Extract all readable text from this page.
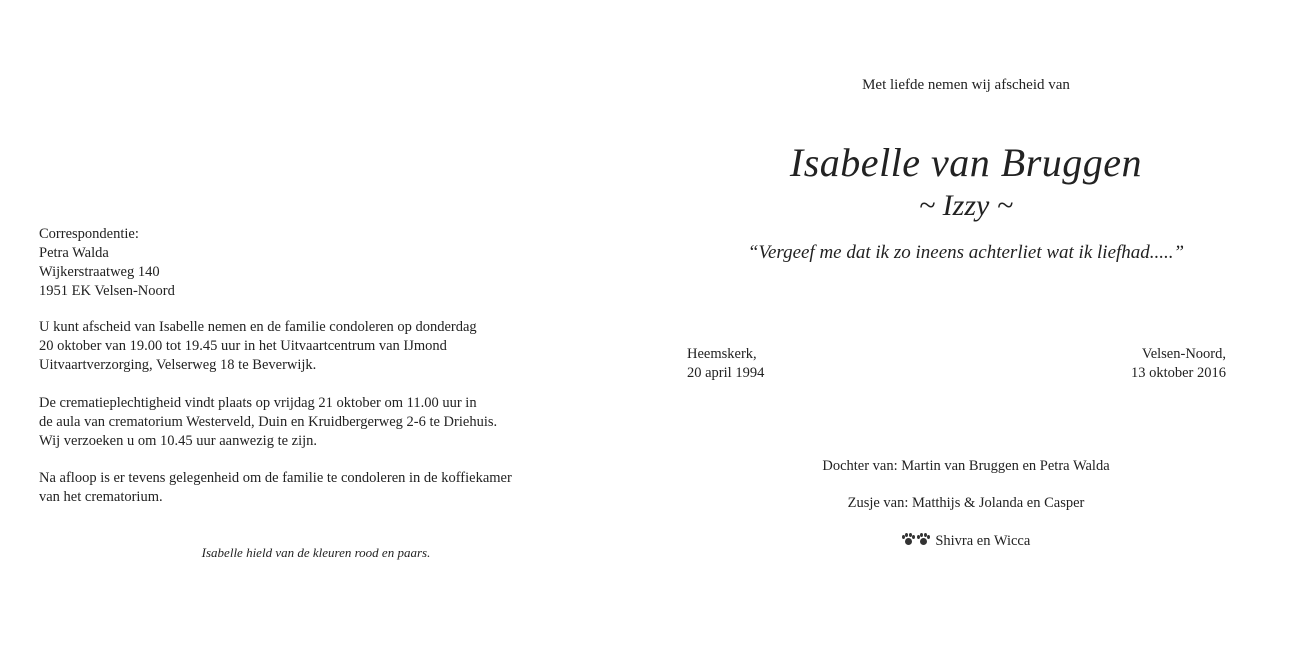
Correspondentie:
Petra Walda
Wijkerstraatweg 140
1951 EK Velsen-Noord
U kunt afscheid van Isabelle nemen en de familie condoleren op donderdag
20 oktober van 19.00 tot 19.45 uur in het Uitvaartcentrum van IJmond
Uitvaartverzorging, Velserweg 18 te Beverwijk.
De crematieplechtigheid vindt plaats op vrijdag 21 oktober om 11.00 uur in
de aula van crematorium Westerveld, Duin en Kruidbergerweg 2-6 te Driehuis.
Wij verzoeken u om 10.45 uur aanwezig te zijn.
Na afloop is er tevens gelegenheid om de familie te condoleren in de koffiekamer
van het crematorium.
Isabelle hield van de kleuren rood en paars.
Met liefde nemen wij afscheid van
Isabelle van Bruggen
~ Izzy ~
“Vergeef me dat ik zo ineens achterliet wat ik liefhad.....”
Heemskerk,
20 april 1994
Velsen-Noord,
13 oktober 2016
Dochter van: Martin van Bruggen en Petra Walda
Zusje van: Matthijs & Jolanda en Casper
Shivra en Wicca
